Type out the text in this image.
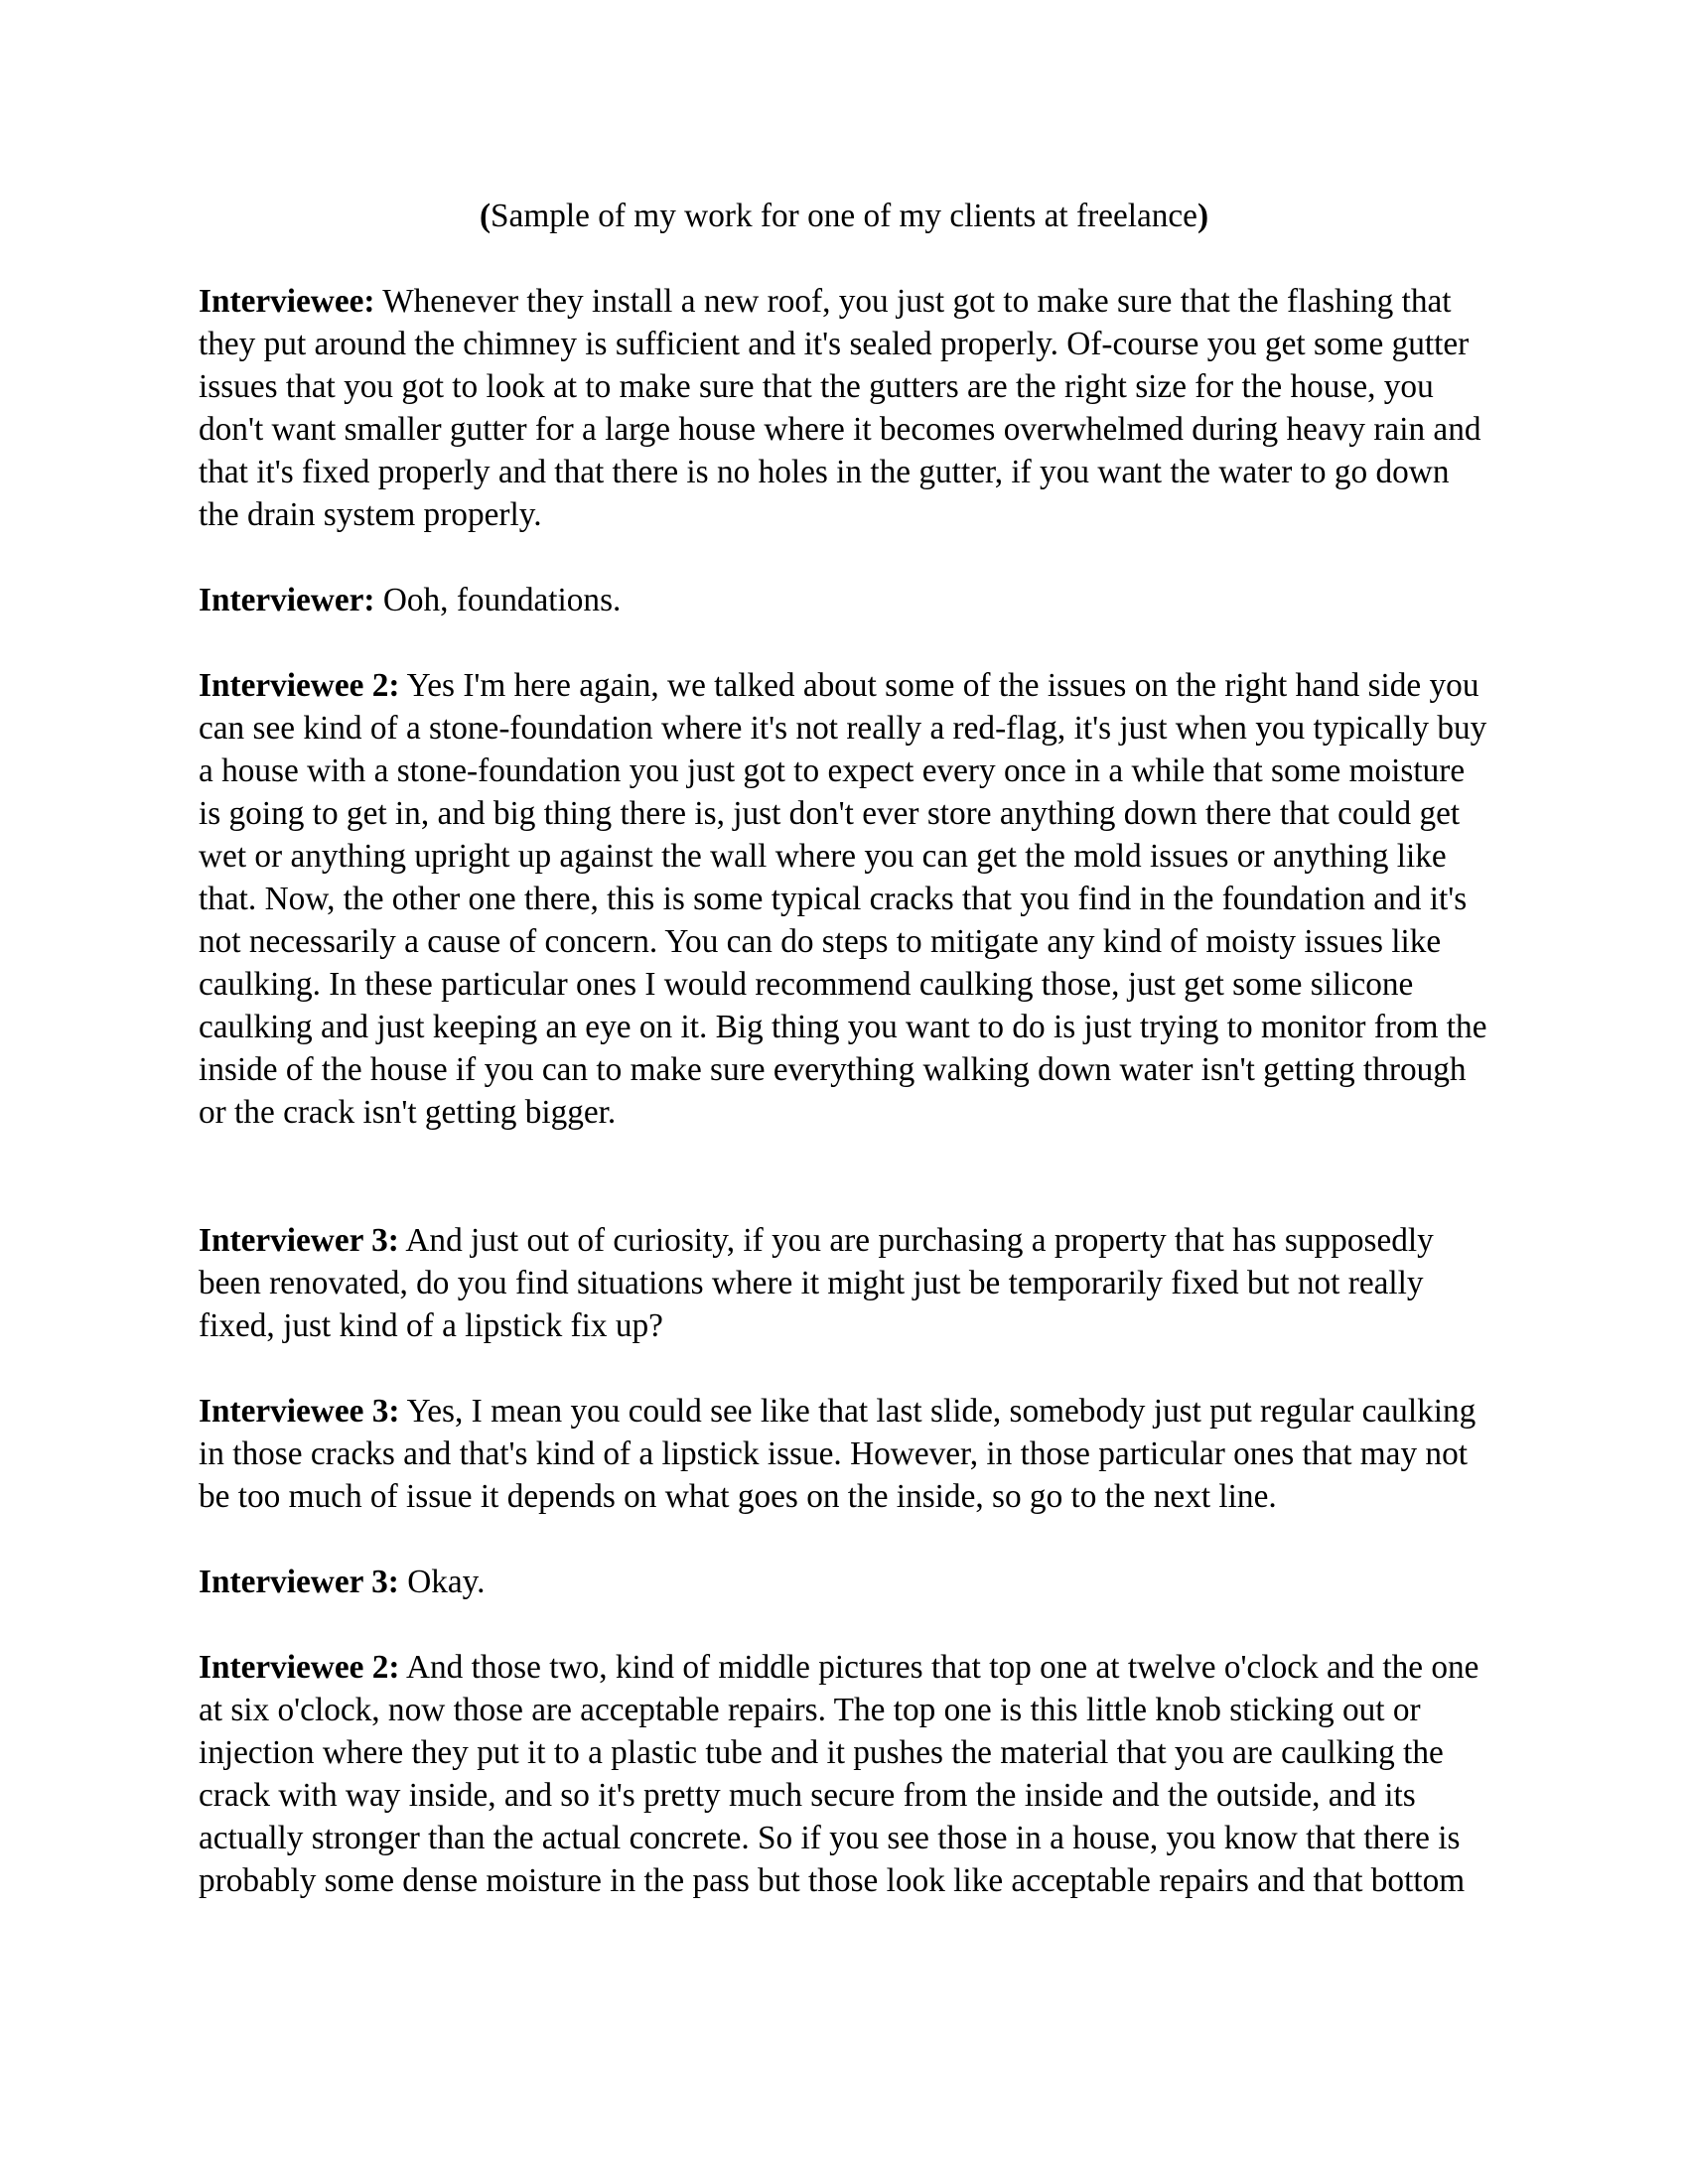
(Sample of my work for one of my clients at freelance)

Interviewee: Whenever they install a new roof, you just got to make sure that the flashing that they put around the chimney is sufficient and it's sealed properly. Of-course you get some gutter issues that you got to look at to make sure that the gutters are the right size for the house, you don't want smaller gutter for a large house where it becomes overwhelmed during heavy rain and that it's fixed properly and that there is no holes in the gutter, if you want the water to go down the drain system properly.

Interviewer: Ooh, foundations.

Interviewee 2: Yes I'm here again, we talked about some of the issues on the right hand side you can see kind of a stone-foundation where it's not really a red-flag, it's just when you typically buy a house with a stone-foundation you just got to expect every once in a while that some moisture is going to get in, and big thing there is, just don't ever store anything down there that could get wet or anything upright up against the wall where you can get the mold issues or anything like that. Now, the other one there, this is some typical cracks that you find in the foundation and it's not necessarily a cause of concern. You can do steps to mitigate any kind of moisty issues like caulking. In these particular ones I would recommend caulking those, just get some silicone caulking and just keeping an eye on it. Big thing you want to do is just trying to monitor from the inside of the house if you can to make sure everything walking down water isn't getting through or the crack isn't getting bigger.

Interviewer 3: And just out of curiosity, if you are purchasing a property that has supposedly been renovated, do you find situations where it might just be temporarily fixed but not really fixed, just kind of a lipstick fix up?

Interviewee 3: Yes, I mean you could see like that last slide, somebody just put regular caulking in those cracks and that's kind of a lipstick issue. However, in those particular ones that may not be too much of issue it depends on what goes on the inside, so go to the next line.

Interviewer 3: Okay.

Interviewee 2: And those two, kind of middle pictures that top one at twelve o'clock and the one at six o'clock, now those are acceptable repairs. The top one is this little knob sticking out or injection where they put it to a plastic tube and it pushes the material that you are caulking the crack with way inside, and so it's pretty much secure from the inside and the outside, and its actually stronger than the actual concrete. So if you see those in a house, you know that there is probably some dense moisture in the pass but those look like acceptable repairs and that bottom
